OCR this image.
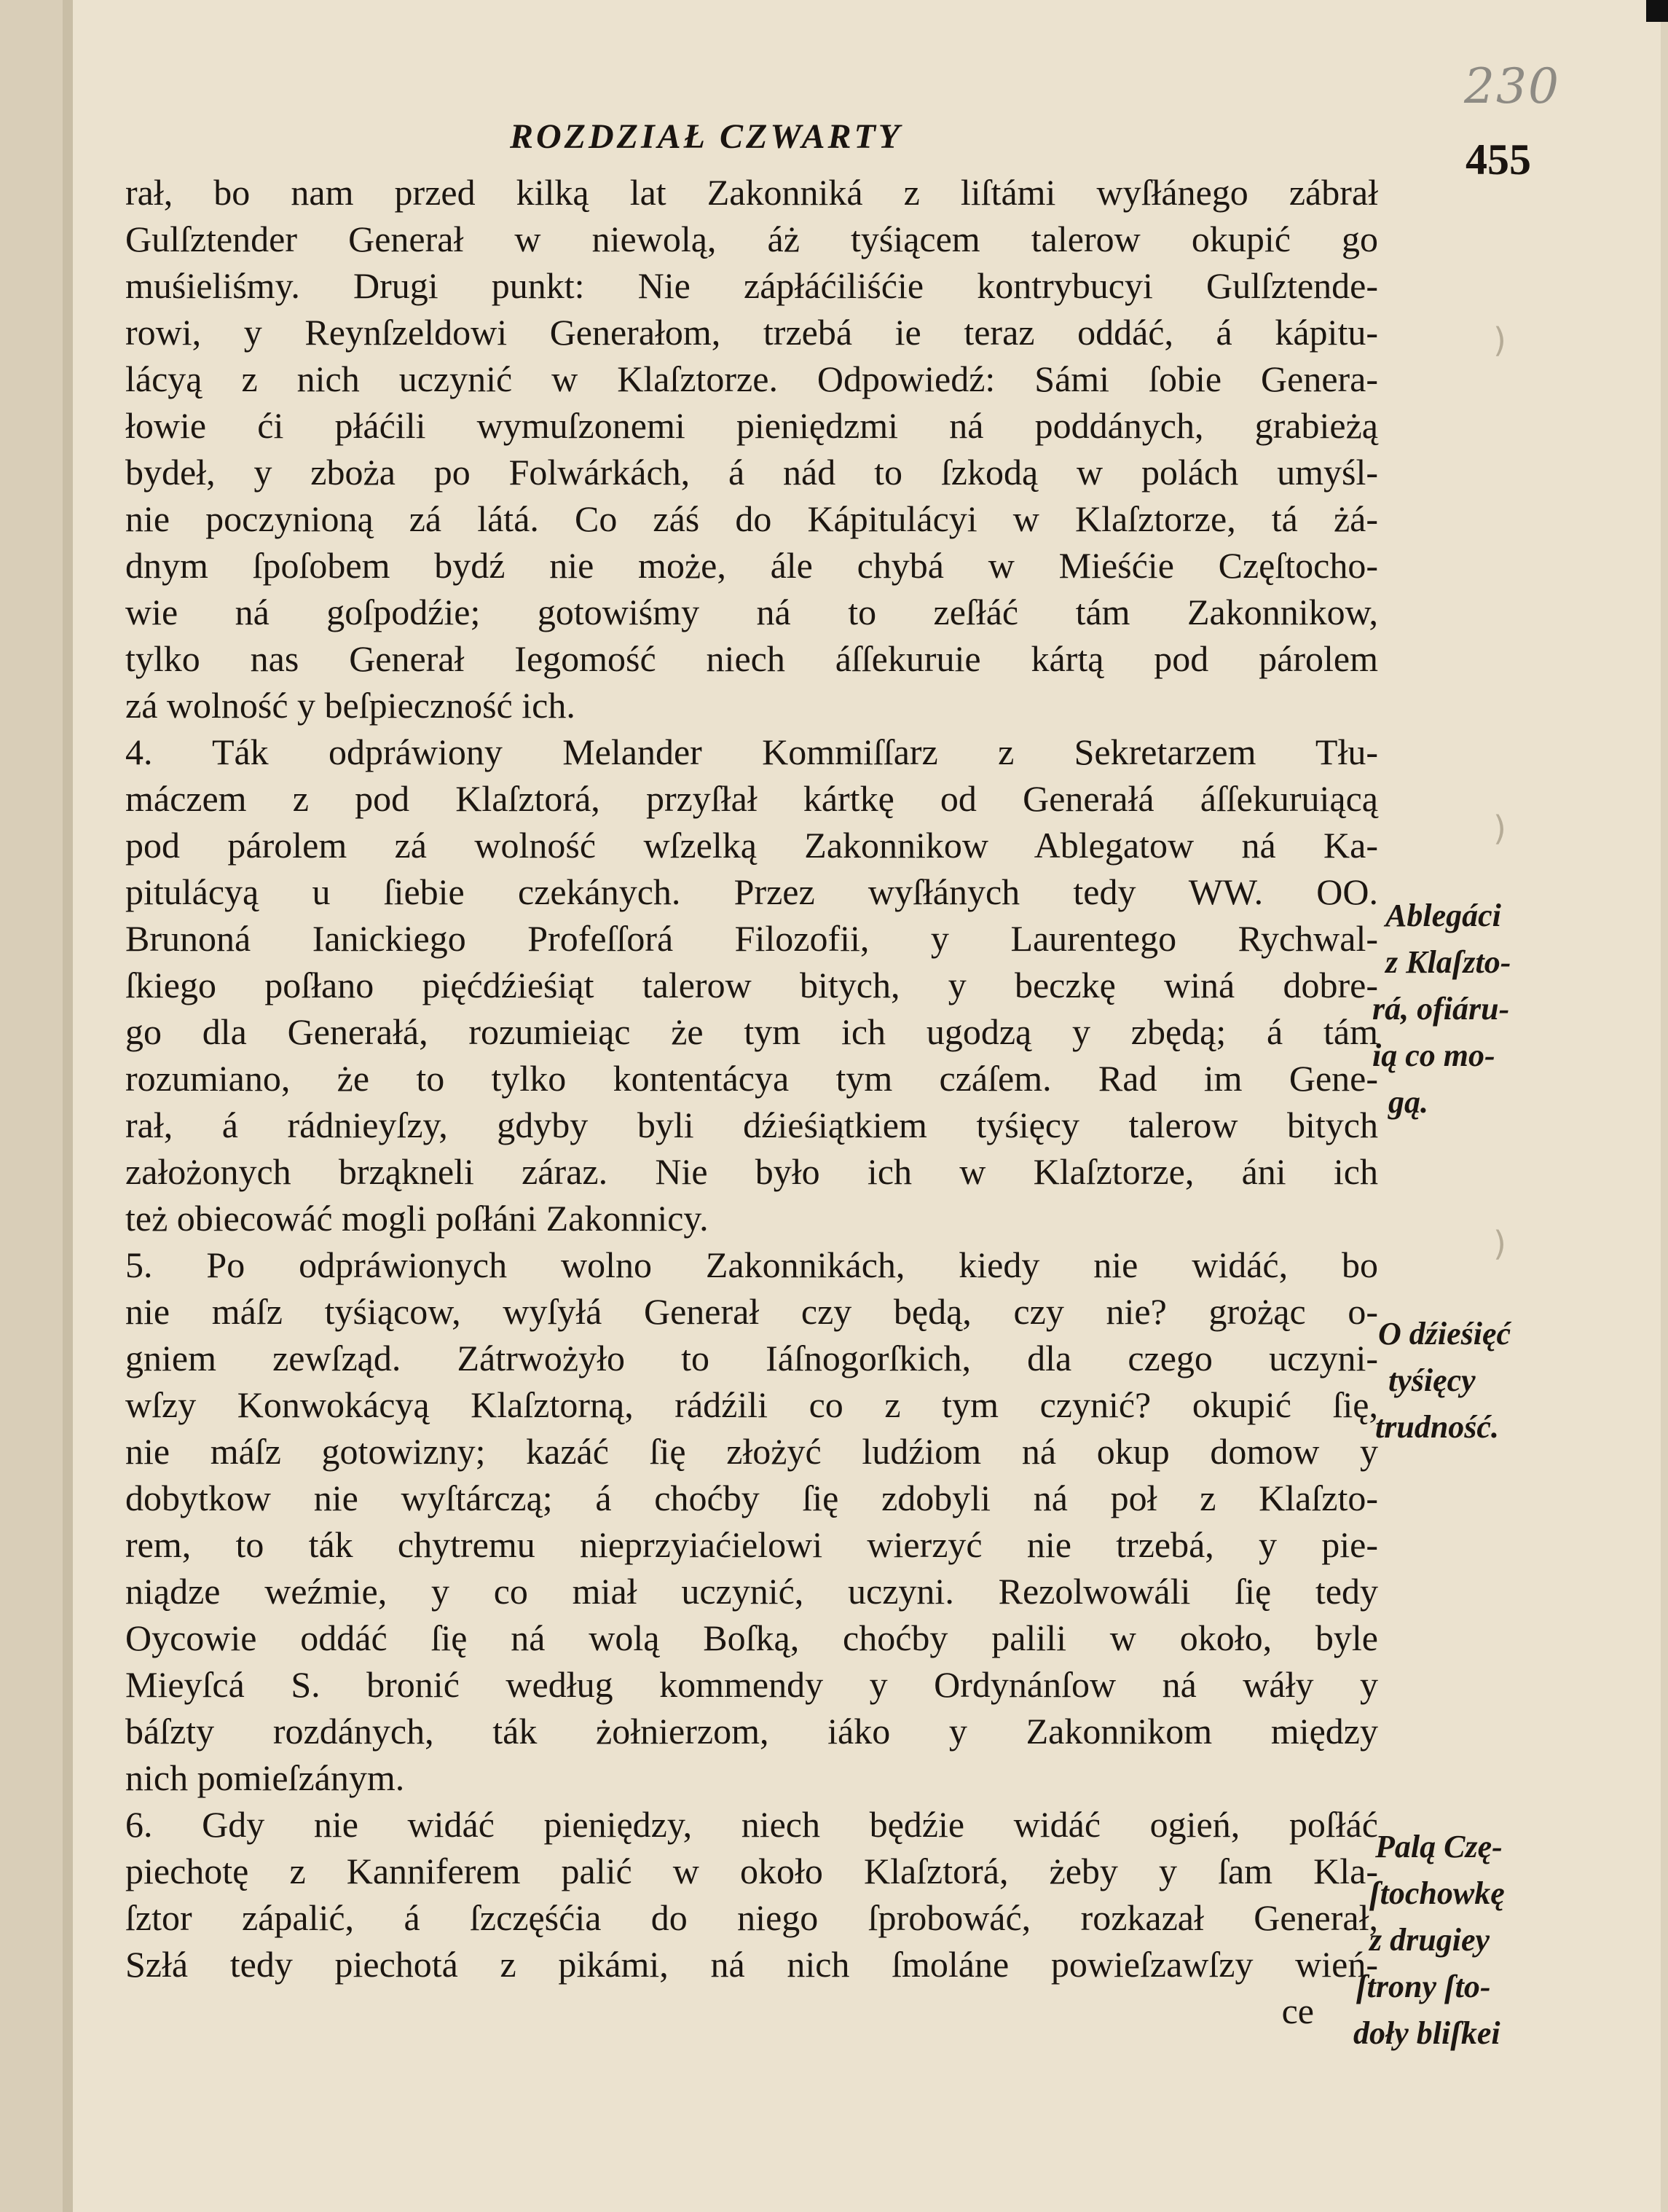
230
455
ROZDZIAŁ CZWARTY
rał, bo nam przed kilką lat Zakonniká z liſtámi wyſłánego zábrał
Gulſztender Generał w niewolą, áż tyśiącem talerow okupić go
muśieliśmy. Drugi punkt: Nie zápłáćiliśćie kontrybucyi Gulſztende-
rowi, y Reynſzeldowi Generałom, trzebá ie teraz oddáć, á kápitu-
lácyą z nich uczynić w Klaſztorze. Odpowiedź: Sámi ſobie Genera-
łowie ći płáćili wymuſzonemi pieniędzmi ná poddánych, grabieżą
bydeł, y zboża po Folwárkách, á nád to ſzkodą w polách umyśl-
nie poczynioną zá látá. Co záś do Kápitulácyi w Klaſztorze, tá żá-
dnym ſpoſobem bydź nie może, ále chybá w Mieśćie Częſtocho-
wie ná goſpodźie; gotowiśmy ná to zeſłáć tám Zakonnikow,
tylko nas Generał Iegomość niech áſſekuruie kártą pod párolem
zá wolność y beſpieczność ich.
4. Ták odpráwiony Melander Kommiſſarz z Sekretarzem Tłu-
máczem z pod Klaſztorá, przyſłał kártkę od Generałá áſſekuruiącą
pod párolem zá wolność wſzelką Zakonnikow Ablegatow ná Ka-
pitulácyą u ſiebie czekánych. Przez wyſłánych tedy WW. OO.
Brunoná Ianickiego Profeſſorá Filozofii, y Laurentego Rychwal-
ſkiego poſłano pięćdźieśiąt talerow bitych, y beczkę winá dobre-
go dla Generałá, rozumieiąc że tym ich ugodzą y zbędą; á tám
rozumiano, że to tylko kontentácya tym czáſem. Rad im Gene-
rał, á rádnieyſzy, gdyby byli dźieśiątkiem tyśięcy talerow bitych
założonych brząkneli záraz. Nie było ich w Klaſztorze, áni ich
też obiecowáć mogli poſłáni Zakonnicy.
5. Po odpráwionych wolno Zakonnikách, kiedy nie widáć, bo
nie máſz tyśiącow, wyſyłá Generał czy będą, czy nie? grożąc o-
gniem zewſząd. Zátrwożyło to Iáſnogorſkich, dla czego uczyni-
wſzy Konwokácyą Klaſztorną, rádźili co z tym czynić? okupić ſię,
nie máſz gotowizny; kazáć ſię złożyć ludźiom ná okup domow y
dobytkow nie wyſtárczą; á choćby ſię zdobyli ná poł z Klaſzto-
rem, to ták chytremu nieprzyiaćielowi wierzyć nie trzebá, y pie-
niądze weźmie, y co miał uczynić, uczyni. Rezolwowáli ſię tedy
Oycowie oddáć ſię ná wolą Boſką, choćby palili w około, byle
Mieyſcá S. bronić według kommendy y Ordynánſow ná wáły y
báſzty rozdánych, ták żołnierzom, iáko y Zakonnikom między
nich pomieſzánym.
6. Gdy nie widáć pieniędzy, niech będźie widáć ogień, poſłáć
piechotę z Kanniferem palić w około Klaſztorá, żeby y ſam Kla-
ſztor zápalić, á ſzczęśćia do niego ſprobowáć, rozkazał Generał,
Szłá tedy piechotá z pikámi, ná nich ſmoláne powieſzawſzy wień-
ce
Ablegáci
z Klaſzto-
rá, ofiáru-
ią co mo-
gą.
O dźieśięć
tyśięcy
trudność.
Palą Czę-
ſtochowkę
z drugiey
ſtrony ſto-
doły bliſkei
)
)
)
